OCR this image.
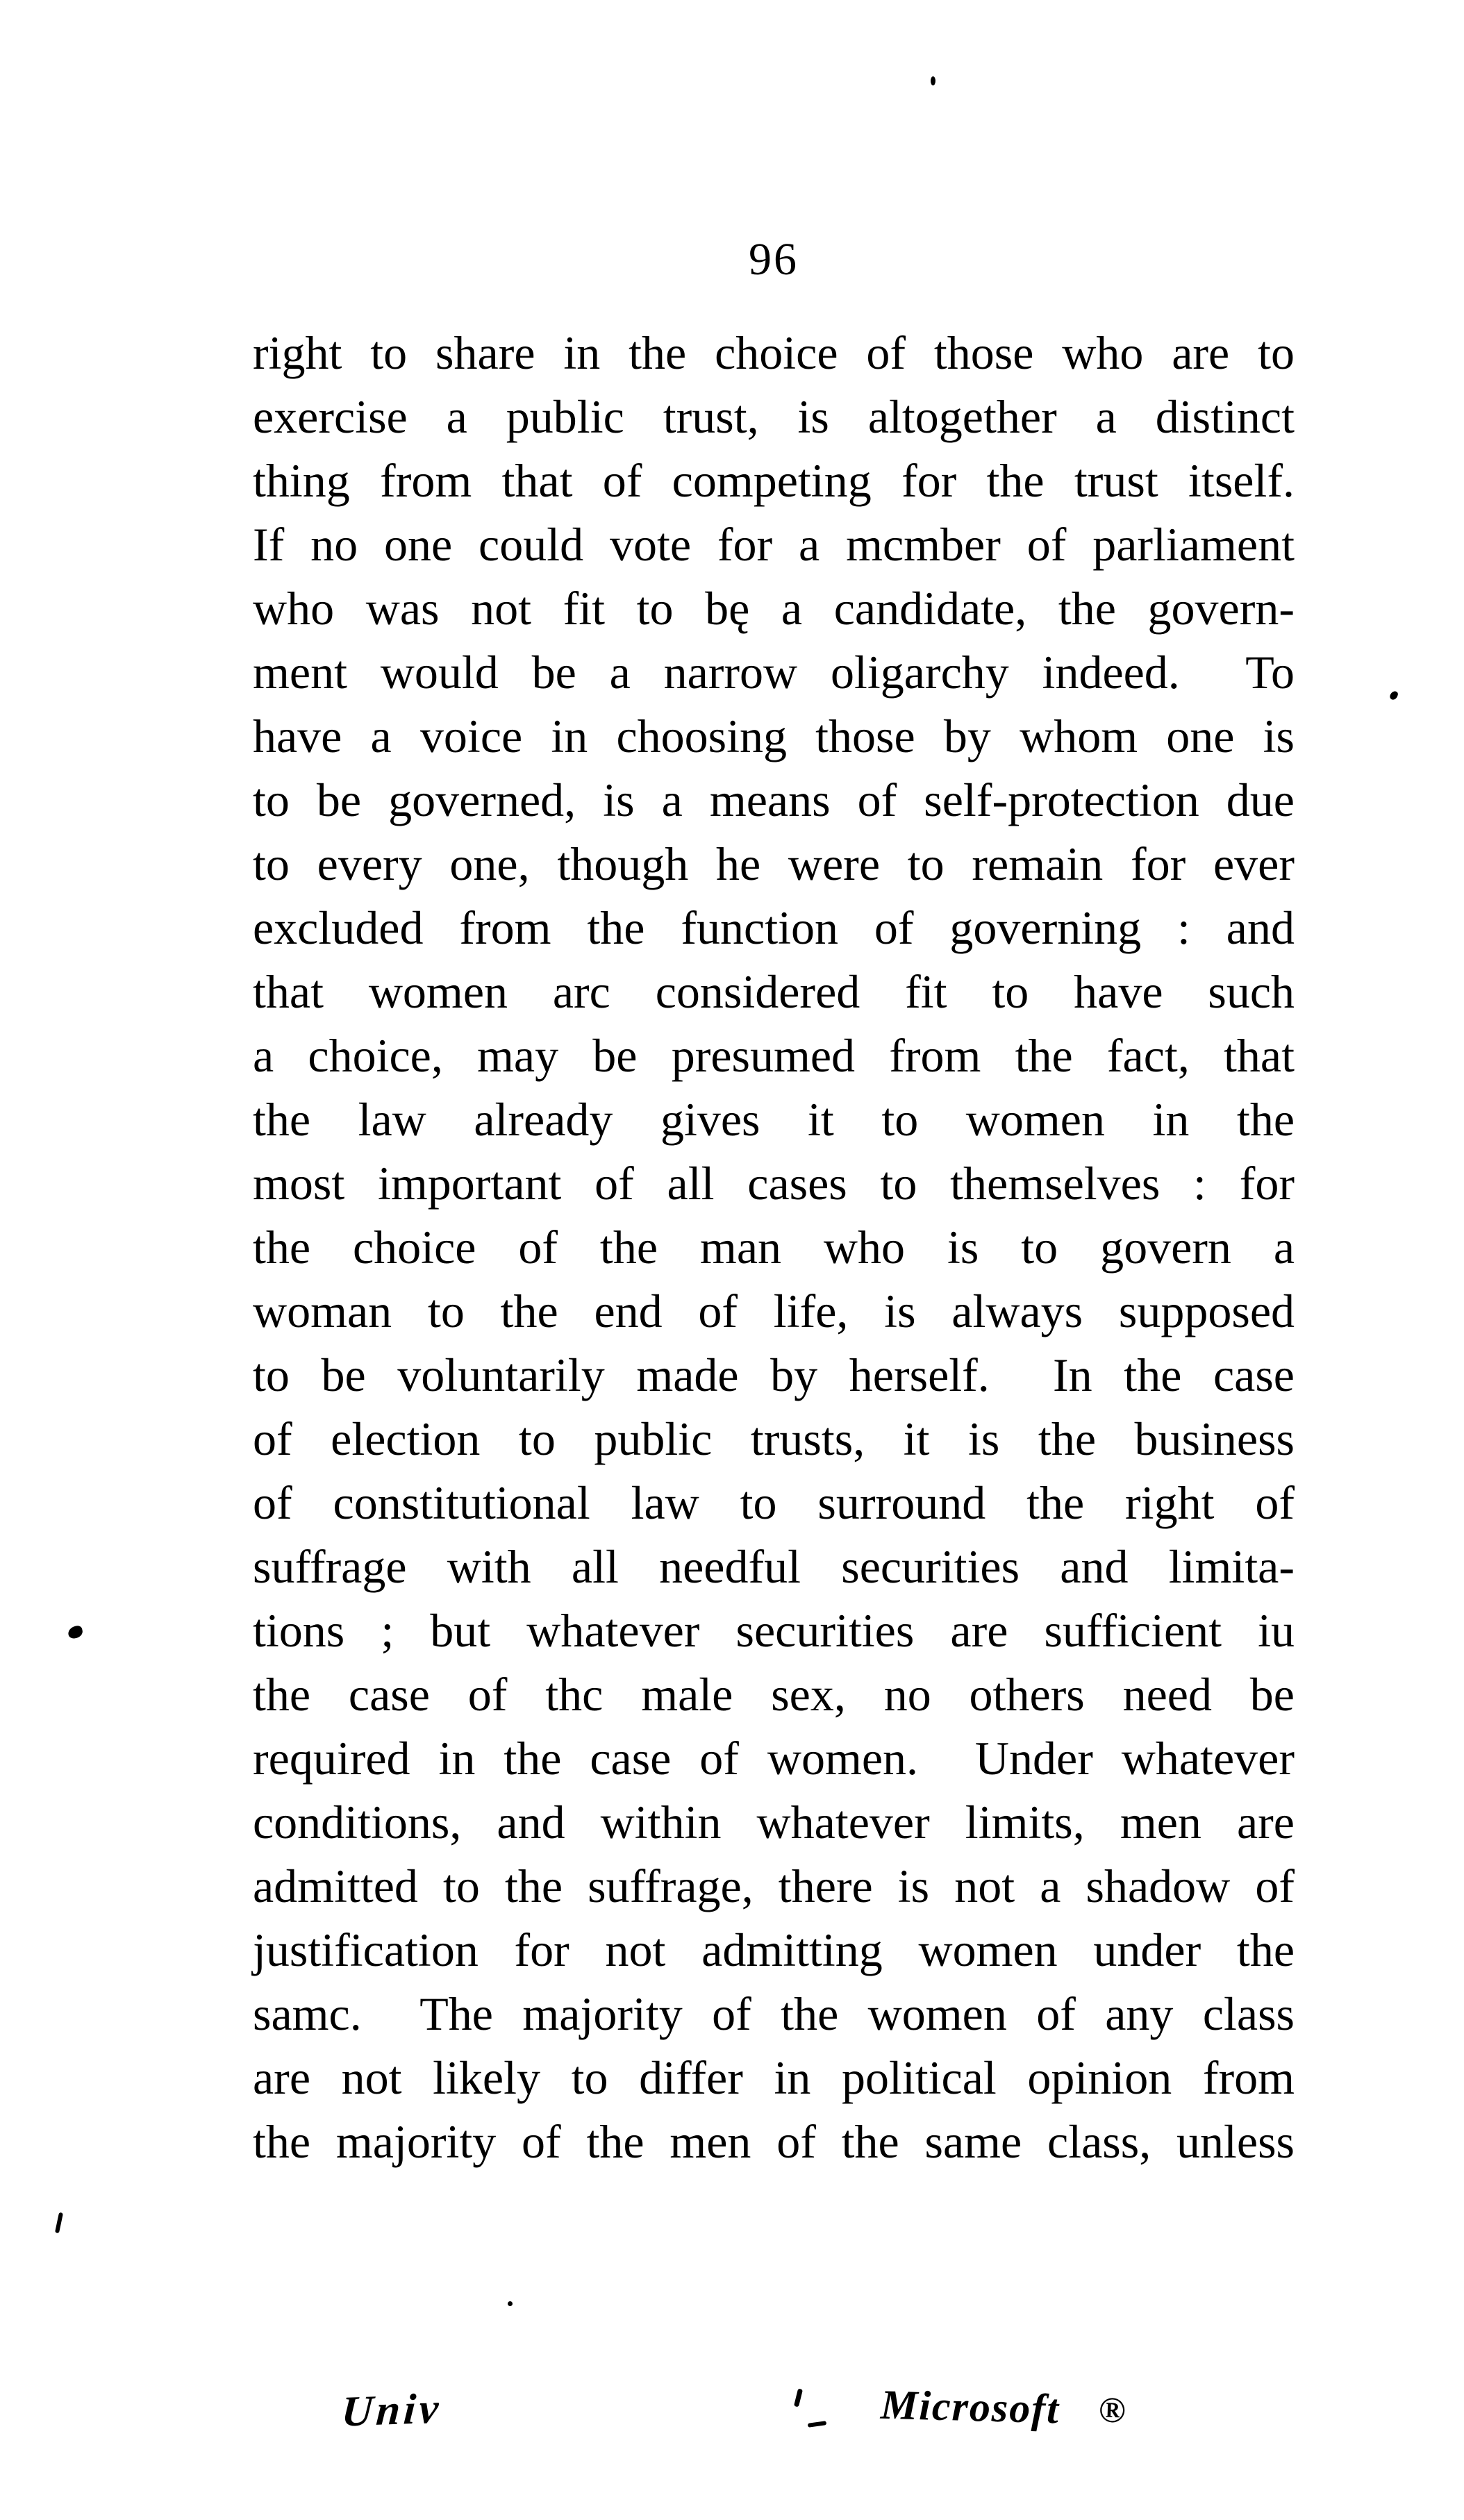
96
right to share in the choice of those who are to
exercise a public trust, is altogether a distinct
thing from that of competing for the trust itself.
If no one could vote for a mcmber of parliament
who was not fit to bę a candidate, the govern-
ment would be a narrow oligarchy indeed.  To
have a voice in choosing those by whom one is
to be governed, is a means of self-protection due
to every one, though he were to remain for ever
excluded from the function of governing : and
that women arc considered fit to have such
a choice, may be presumed from the fact, that
the law already gives it to women in the
most important of all cases to themselves : for
the choice of the man who is to govern a
woman to the end of life, is always supposed
to be voluntarily made by herself.  In the case
of election to public trusts, it is the business
of constitutional law to surround the right of
suffrage with all needful securities and limita-
tions ; but whatever securities are sufficient iu
the case of thc male sex, no others need be
required in the case of women.  Under whatever
conditions, and within whatever limits, men are
admitted to the suffrage, there is not a shadow of
justification for not admitting women under the
samc.  The majority of the women of any class
are not likely to differ in political opinion from
the majority of the men of the same class, unless
Univ	Microsoft ®
